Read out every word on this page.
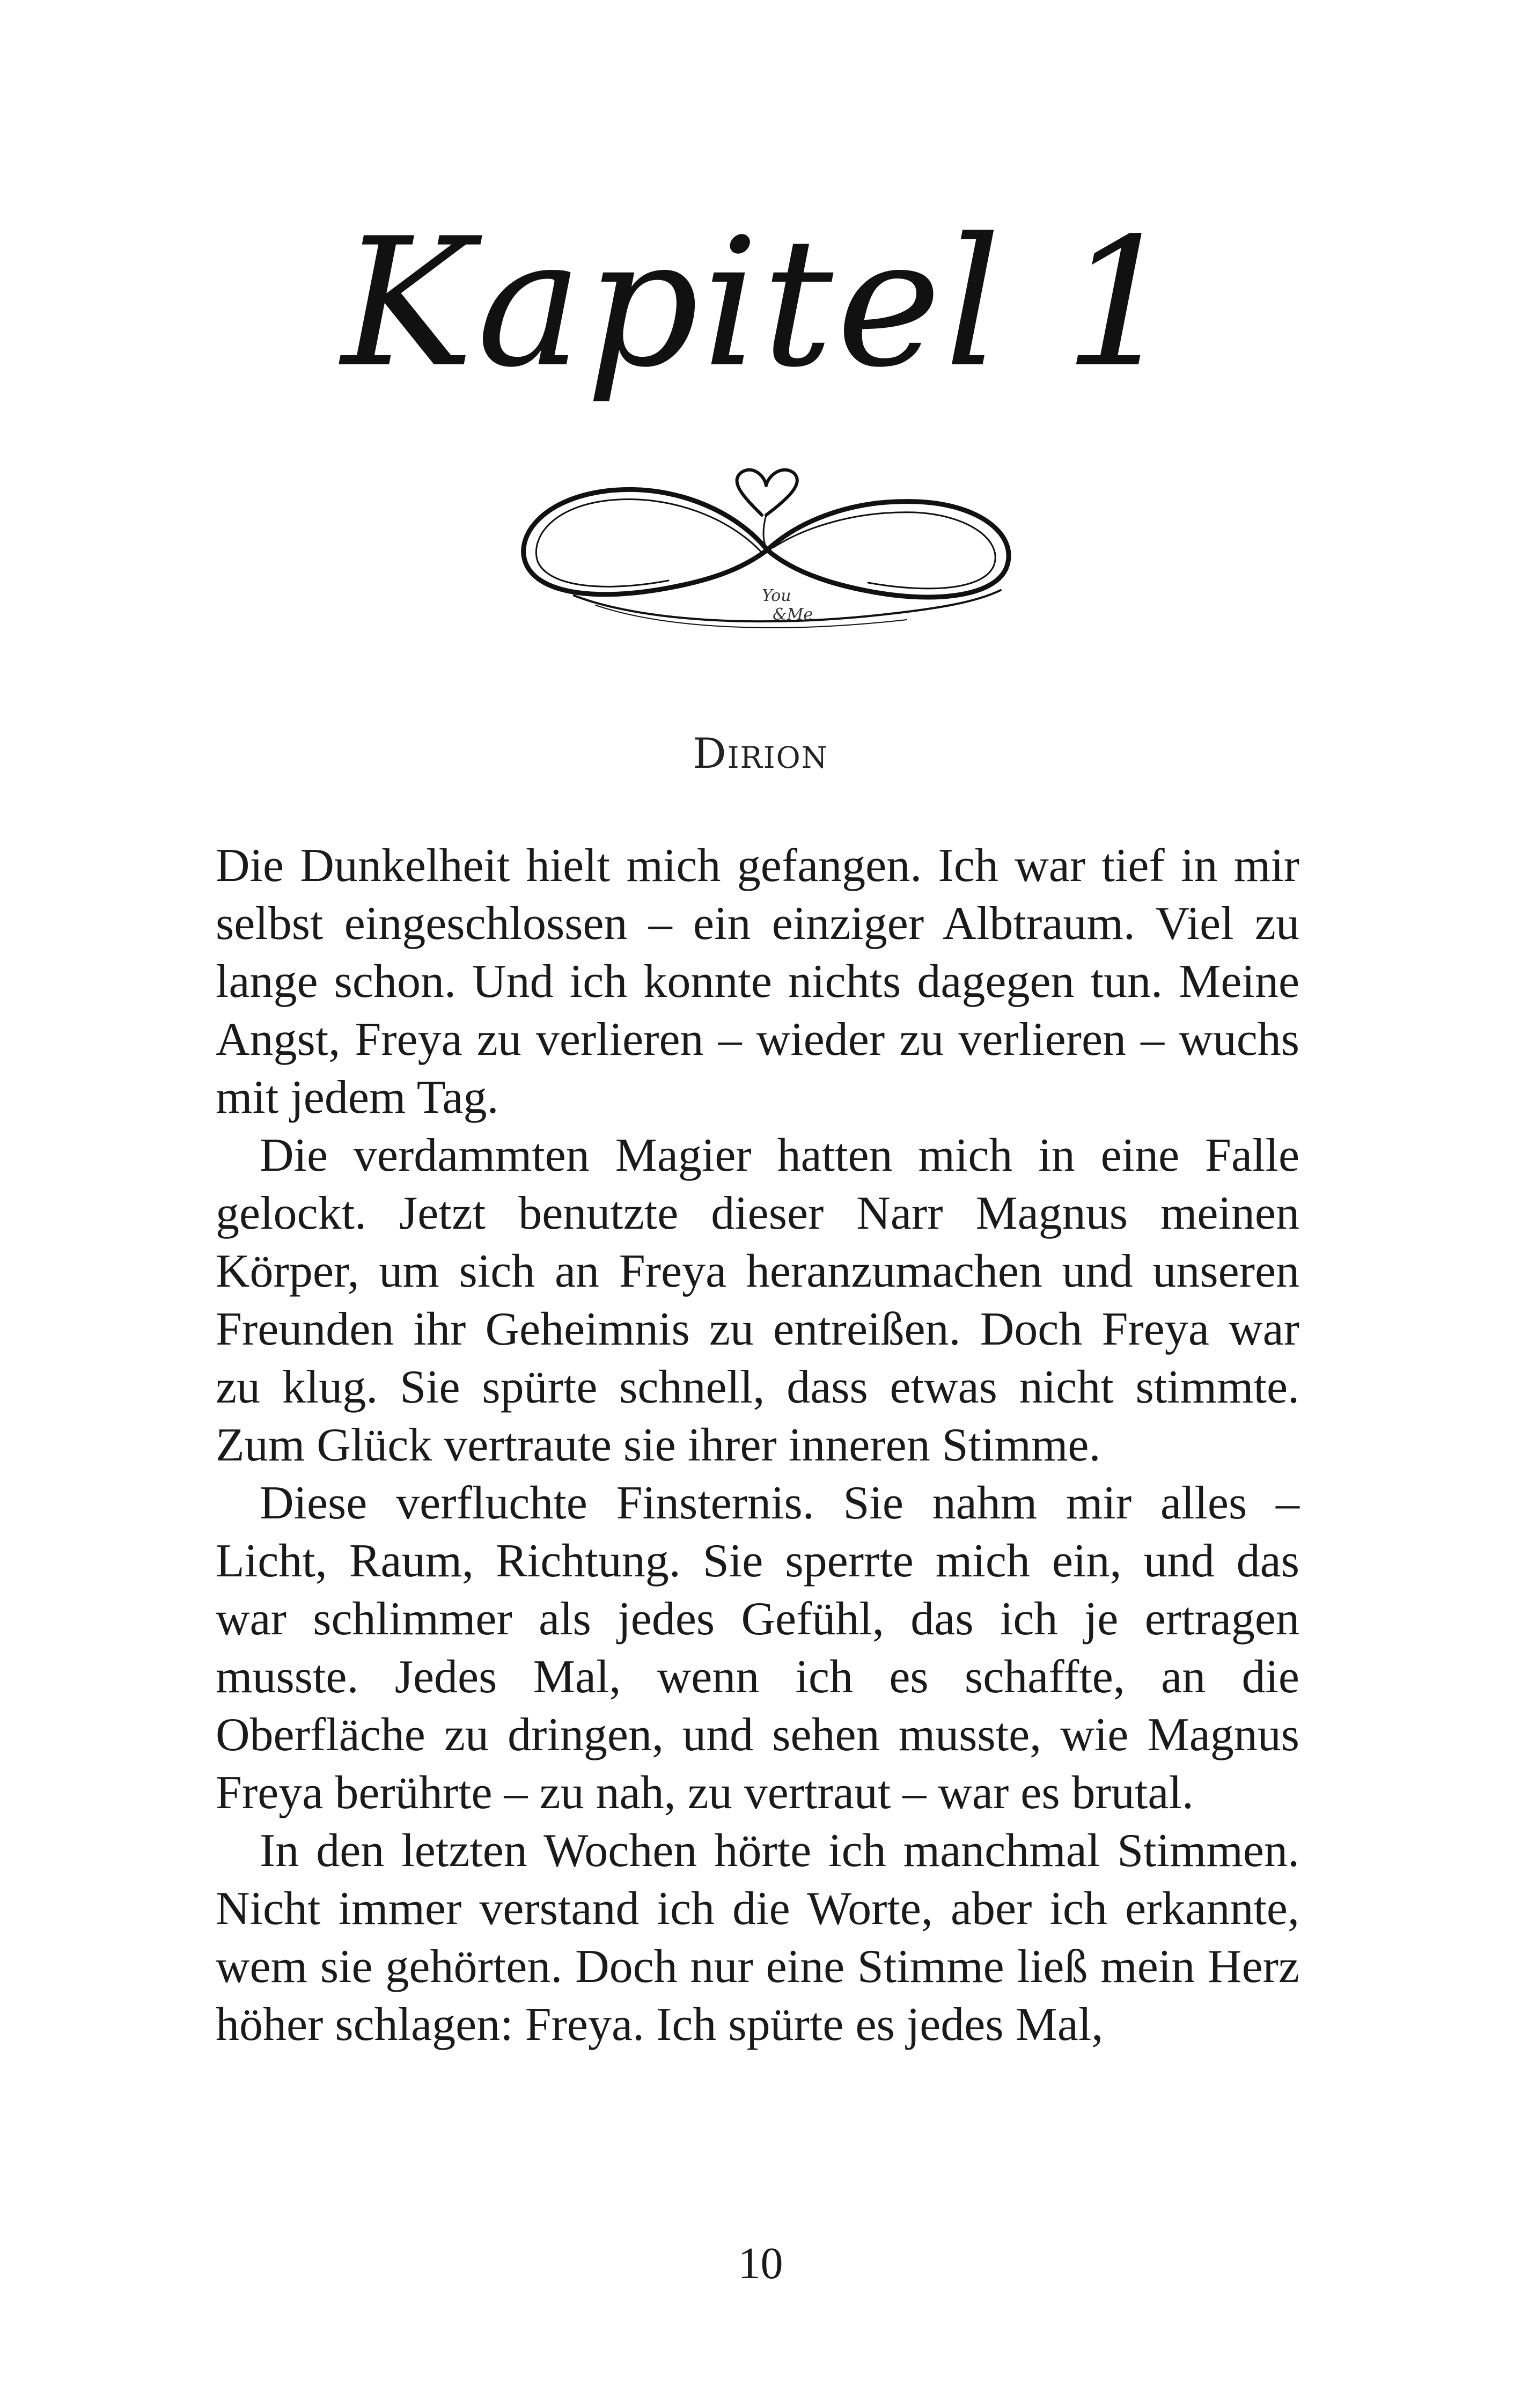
Kapitel 1
You
&Me
Dirion

Die Dunkelheit hielt mich gefangen. Ich war tief in mir selbst eingeschlossen – ein einziger Albtraum. Viel zu lange schon. Und ich konnte nichts dagegen tun. Meine Angst, Freya zu verlieren – wieder zu verlieren – wuchs mit jedem Tag.

Die verdammten Magier hatten mich in eine Falle gelockt. Jetzt benutzte dieser Narr Magnus meinen Körper, um sich an Freya heranzumachen und unseren Freunden ihr Geheimnis zu entreißen. Doch Freya war zu klug. Sie spürte schnell, dass etwas nicht stimmte. Zum Glück vertraute sie ihrer inneren Stimme.

Diese verfluchte Finsternis. Sie nahm mir alles – Licht, Raum, Richtung. Sie sperrte mich ein, und das war schlimmer als jedes Gefühl, das ich je ertragen musste. Jedes Mal, wenn ich es schaffte, an die Oberfläche zu dringen, und sehen musste, wie Magnus Freya berührte – zu nah, zu vertraut – war es brutal.

In den letzten Wochen hörte ich manchmal Stimmen. Nicht immer verstand ich die Worte, aber ich erkannte, wem sie gehörten. Doch nur eine Stimme ließ mein Herz höher schlagen: Freya. Ich spürte es jedes Mal,

10
